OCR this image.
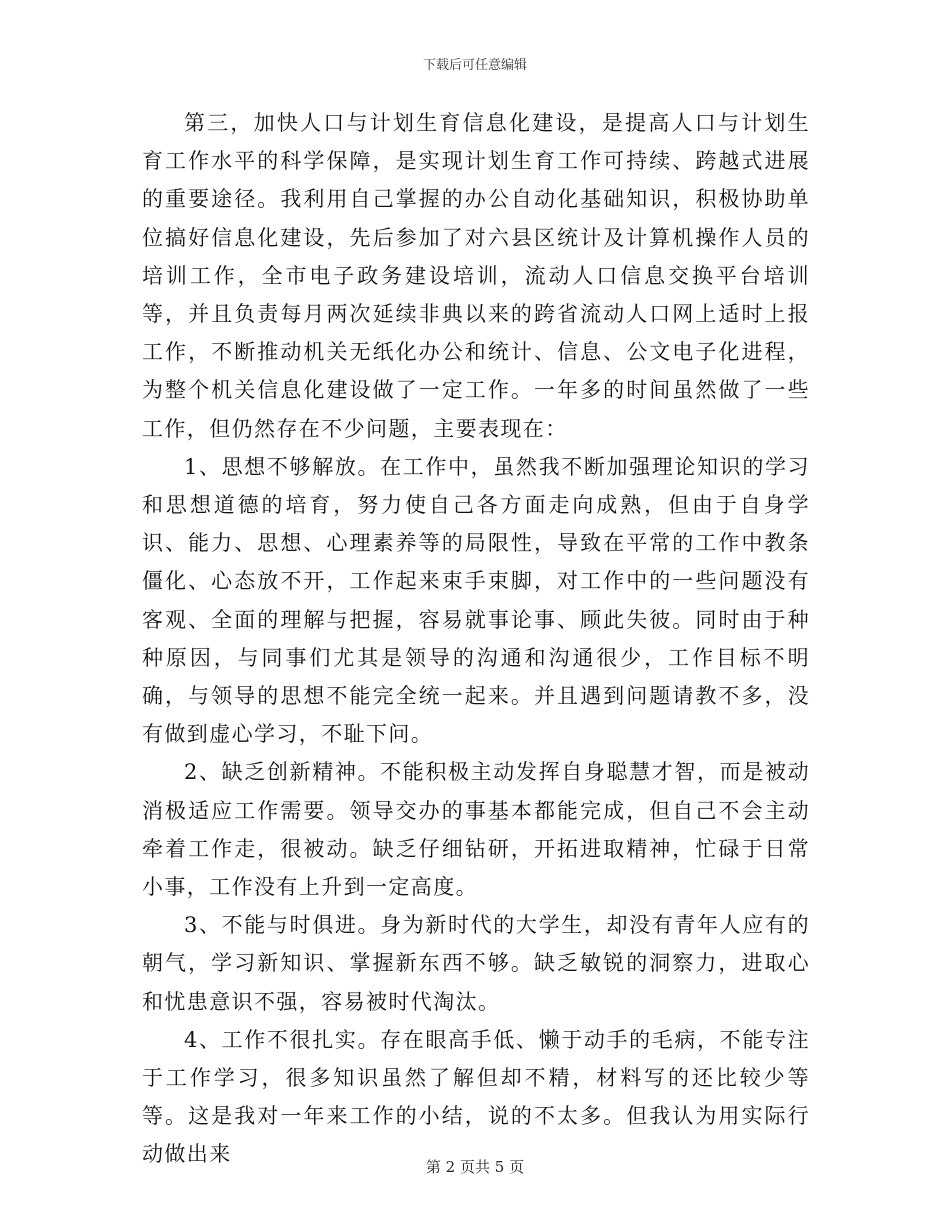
下载后可任意编辑

第三，加快人口与计划生育信息化建设，是提高人口与计划生育工作水平的科学保障，是实现计划生育工作可持续、跨越式进展的重要途径。我利用自己掌握的办公自动化基础知识，积极协助单位搞好信息化建设，先后参加了对六县区统计及计算机操作人员的培训工作，全市电子政务建设培训，流动人口信息交换平台培训等，并且负责每月两次延续非典以来的跨省流动人口网上适时上报工作，不断推动机关无纸化办公和统计、信息、公文电子化进程，为整个机关信息化建设做了一定工作。一年多的时间虽然做了一些工作，但仍然存在不少问题，主要表现在：

1、思想不够解放。在工作中，虽然我不断加强理论知识的学习和思想道德的培育，努力使自己各方面走向成熟，但由于自身学识、能力、思想、心理素养等的局限性，导致在平常的工作中教条僵化、心态放不开，工作起来束手束脚，对工作中的一些问题没有客观、全面的理解与把握，容易就事论事、顾此失彼。同时由于种种原因，与同事们尤其是领导的沟通和沟通很少，工作目标不明确，与领导的思想不能完全统一起来。并且遇到问题请教不多，没有做到虚心学习，不耻下问。

2、缺乏创新精神。不能积极主动发挥自身聪慧才智，而是被动消极适应工作需要。领导交办的事基本都能完成，但自己不会主动牵着工作走，很被动。缺乏仔细钻研，开拓进取精神，忙碌于日常小事，工作没有上升到一定高度。

3、不能与时俱进。身为新时代的大学生，却没有青年人应有的朝气，学习新知识、掌握新东西不够。缺乏敏锐的洞察力，进取心和忧患意识不强，容易被时代淘汰。

4、工作不很扎实。存在眼高手低、懒于动手的毛病，不能专注于工作学习，很多知识虽然了解但却不精，材料写的还比较少等等。这是我对一年来工作的小结，说的不太多。但我认为用实际行动做出来

第 2 页共 5 页
